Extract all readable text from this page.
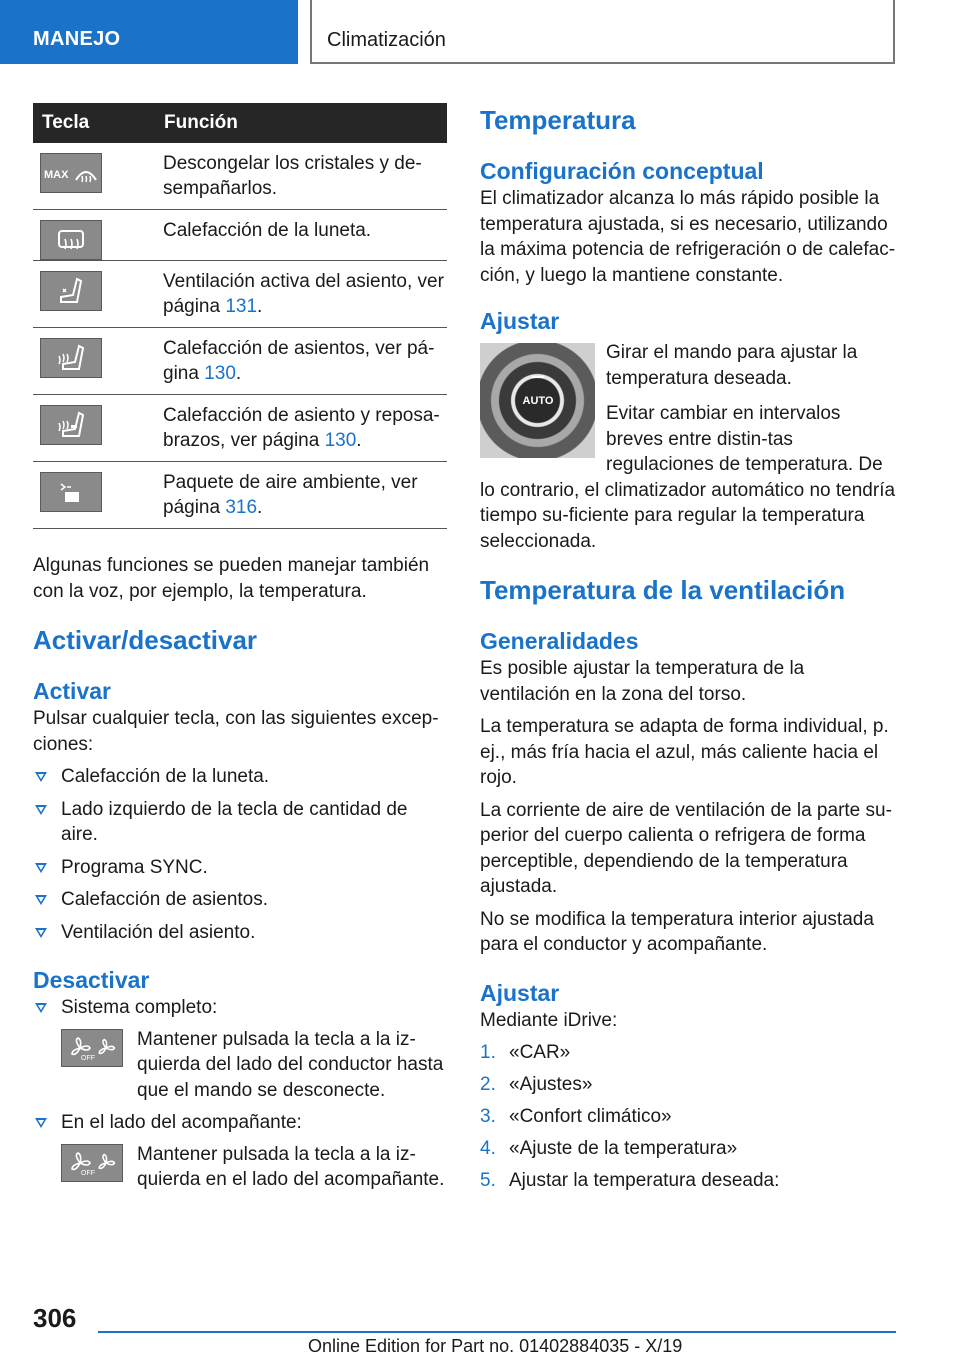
MANEJO	Climatización
Tecla	Función

MAX	Descongelar los cristales y de-sempañarlos.

	Calefacción de la luneta.

	Ventilación activa del asiento, ver página 131.

	Calefacción de asientos, ver pá-gina 130.

	Calefacción de asiento y reposa-brazos, ver página 130.

	Paquete de aire ambiente, ver página 316.

Algunas funciones se pueden manejar también con la voz, por ejemplo, la temperatura.

Activar/desactivar
Activar

Pulsar cualquier tecla, con las siguientes excep-ciones:

Calefacción de la luneta.
Lado izquierdo de la tecla de cantidad de aire.
Programa SYNC.
Calefacción de asientos.
Ventilación del asiento.
Desactivar
Sistema completo:
OFF

Mantener pulsada la tecla a la iz-quierda del lado del conductor hasta que el mando se desconecte.

En el lado del acompañante:
OFF

Mantener pulsada la tecla a la iz-quierda en el lado del acompañante.

Temperatura
Configuración conceptual

El climatizador alcanza lo más rápido posible la temperatura ajustada, si es necesario, utilizando la máxima potencia de refrigeración o de calefac-ción, y luego la mantiene constante.

Ajustar
AUTO

Girar el mando para ajustar la temperatura deseada.

Evitar cambiar en intervalos breves entre distin-tas regulaciones de temperatura. De lo contrario, el climatizador automático no tendría tiempo su-ficiente para regular la temperatura seleccionada.

Temperatura de la ventilación
Generalidades

Es posible ajustar la temperatura de la ventilación en la zona del torso.

La temperatura se adapta de forma individual, p. ej., más fría hacia el azul, más caliente hacia el rojo.

La corriente de aire de ventilación de la parte su-perior del cuerpo calienta o refrigera de forma perceptible, dependiendo de la temperatura ajustada.

No se modifica la temperatura interior ajustada para el conductor y acompañante.

Ajustar

Mediante iDrive:

1. «CAR»
2. «Ajustes»
3. «Confort climático»
4. «Ajuste de la temperatura»
5. Ajustar la temperatura deseada:
306
Online Edition for Part no. 01402884035 - X/19
